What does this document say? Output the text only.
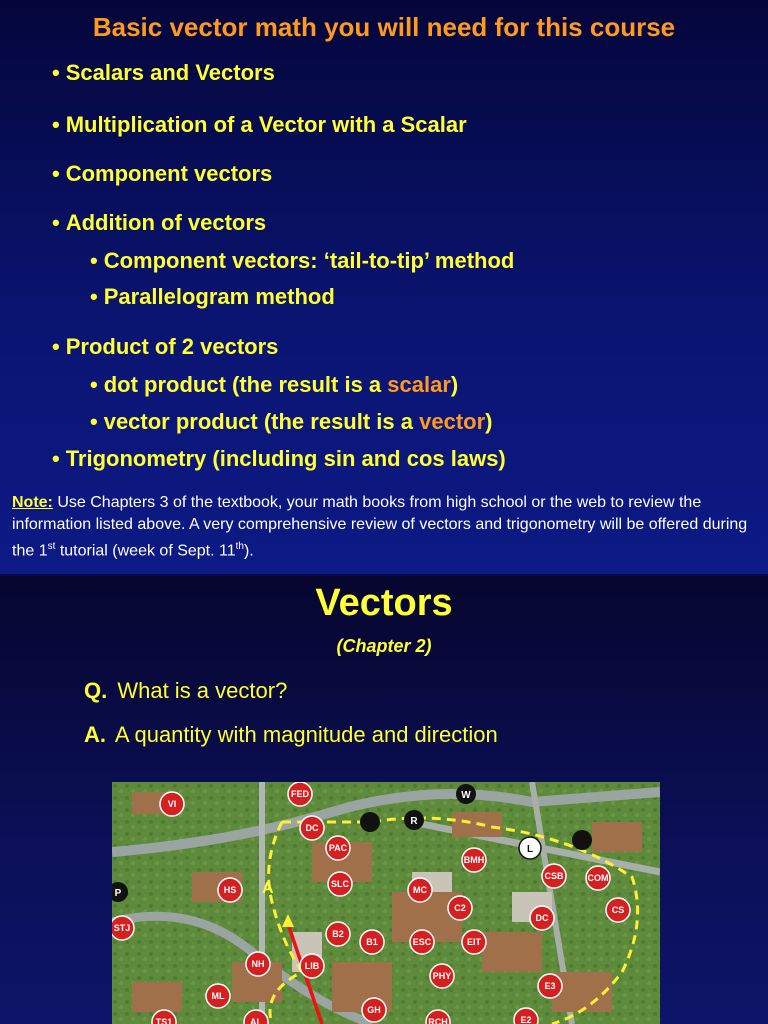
Basic vector math you will need for this course
• Scalars and Vectors
• Multiplication of a Vector with a Scalar
• Component vectors
• Addition of vectors
• Component vectors: ‘tail-to-tip’ method
• Parallelogram method
• Product of 2 vectors
• dot product (the result is a scalar)
• vector product (the result is a vector)
• Trigonometry (including sin and cos laws)
Note: Use Chapters 3 of the textbook, your math books from high school or the web to review the information listed above. A very comprehensive review of vectors and trigonometry will be offered during the 1st tutorial (week of Sept. 11th).
Vectors
(Chapter 2)
Q. What is a vector?
A. A quantity with magnitude and direction
A
VI
FED
DC
PAC
BMH
CSB	COM
CS
HS
SLC
MC
C2
DC
STJ
B2
B1	ESC	EIT
NH	LIB
PHY
E3
ML
GH
RCH	E2
TS1	AL
P
W
R
L
